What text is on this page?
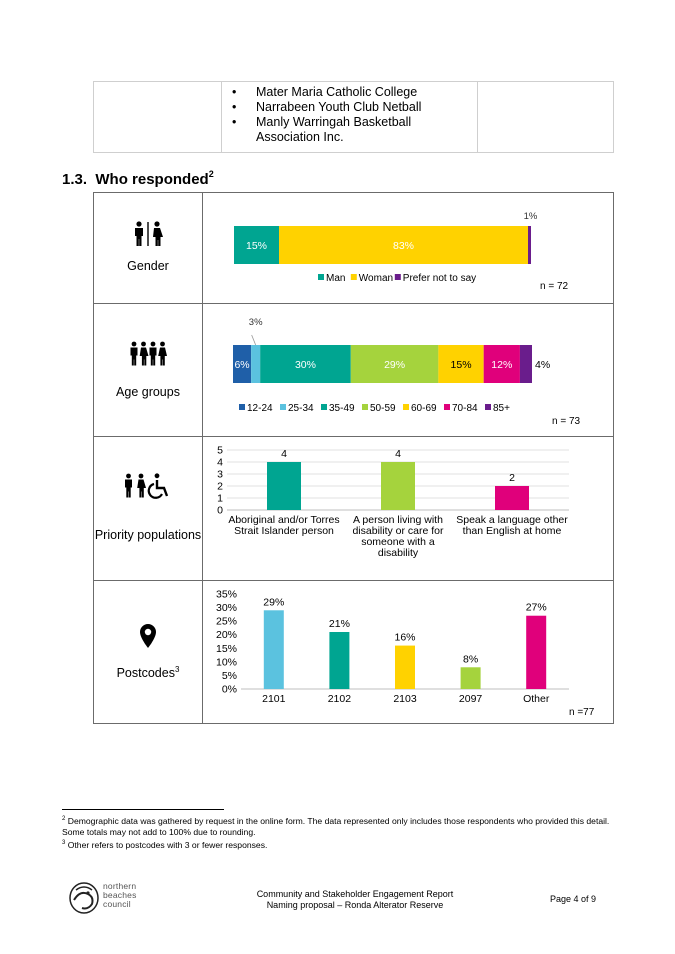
• Mater Maria Catholic College
• Narrabeen Youth Club Netball
• Manly Warringah Basketball Association Inc.
1.3. Who responded$^2$
Gender
Age groups
Priority populations
Postcodes$^3$
15%	83%
1%
Man Woman Prefer not to say
n = 72
6%
3%
30%	29%	15% 12% 4%
12-24 25-34 35-49 50-59 60-69 70-84 85+
n = 73
0
1
2
3
4
5	4
Aboriginal and/or Torres
Strait Islander person
4
A person living with
disability or care for
someone with a
disability
2
Speak a language other
than English at home
0%
5%
10%
15%
20%
25%
30%
35%
29%
2101
21%
2102
16%
2103
8%
2097
27%
Other
n =77
$^2$ Demographic data was gathered by request in the online form. The data represented only includes those respondents who provided this detail.
Some totals may not add to 100% due to rounding.
$^3$ Other refers to postcodes with 3 or fewer responses.
northern
beaches
council
Community and Stakeholder Engagement Report
Naming proposal – Ronda Alterator Reserve
Page 4 of 9
